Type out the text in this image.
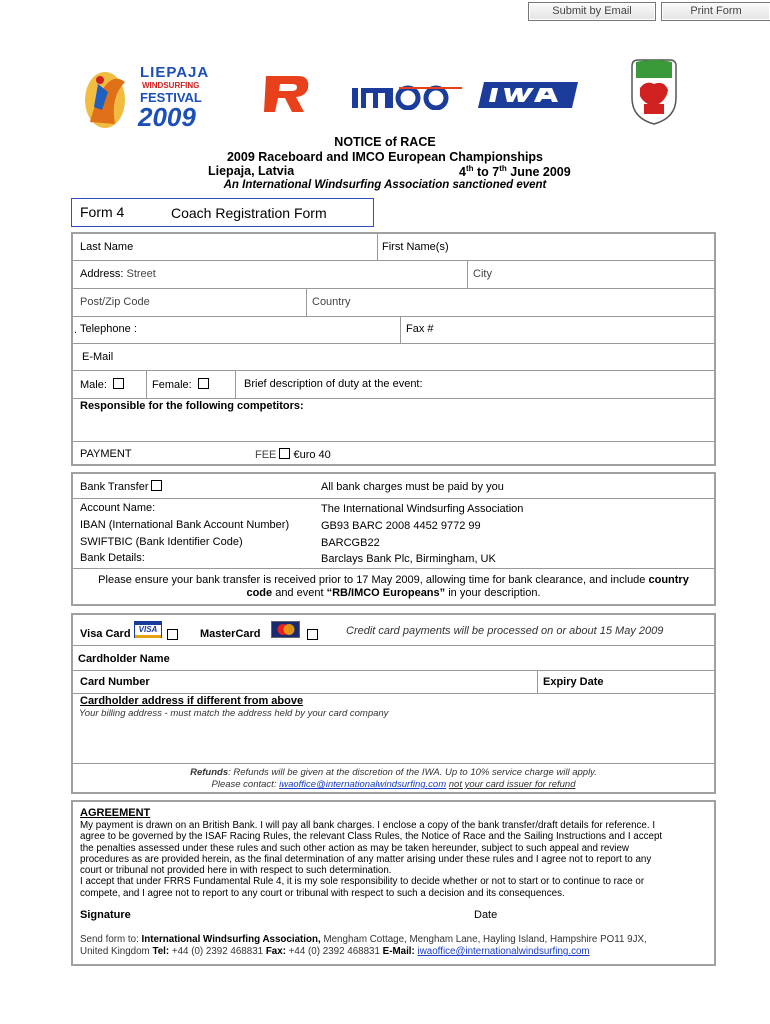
Submit by Email	Print Form
LIEPAJA
WINDSURFING
FESTIVAL
2009
NOTICE of RACE
2009 Raceboard and IMCO European Championships
Liepaja, Latvia	4th to 7th June 2009
An International Windsurfing Association sanctioned event
Form 4	Coach Registration Form
Last Name	First Name(s)
Address: Street	City
Post/Zip Code	Country
. Telephone :	Fax #
E-Mail
Male:	Female:	Brief description of duty at the event:
Responsible for the following competitors:
PAYMENT	FEE €uro 40
Bank Transfer	All bank charges must be paid by you
Account Name:	The International Windsurfing Association
IBAN (International Bank Account Number)	GB93 BARC 2008 4452 9772 99
SWIFTBIC (Bank Identifier Code)	BARCGB22
Bank Details:	Barclays Bank Plc, Birmingham, UK
Please ensure your bank transfer is received prior to 17 May 2009, allowing time for bank clearance, and include country
code and event “RB/IMCO Europeans” in your description.
Visa Card	VISA	MasterCard	Credit card payments will be processed on or about 15 May 2009
Cardholder Name
Card Number	Expiry Date
Cardholder address if different from above
Your billing address - must match the address held by your card company
Refunds: Refunds will be given at the discretion of the IWA. Up to 10% service charge will apply.
Please contact: iwaoffice@internationalwindsurfing.com not your card issuer for refund
AGREEMENT
My payment is drawn on an British Bank. I will pay all bank charges. I enclose a copy of the bank transfer/draft details for reference. I
agree to be governed by the ISAF Racing Rules, the relevant Class Rules, the Notice of Race and the Sailing Instructions and I accept
the penalties assessed under these rules and such other action as may be taken hereunder, subject to such appeal and review
procedures as are provided herein, as the final determination of any matter arising under these rules and I agree not to report to any
court or tribunal not provided here in with respect to such determination.
I accept that under FRRS Fundamental Rule 4, it is my sole responsibility to decide whether or not to start or to continue to race or
compete, and I agree not to report to any court or tribunal with respect to such a decision and its consequences.
Signature	Date
Send form to: International Windsurfing Association, Mengham Cottage, Mengham Lane, Hayling Island, Hampshire PO11 9JX,
United Kingdom Tel: +44 (0) 2392 468831 Fax: +44 (0) 2392 468831 E-Mail: iwaoffice@internationalwindsurfing.com
